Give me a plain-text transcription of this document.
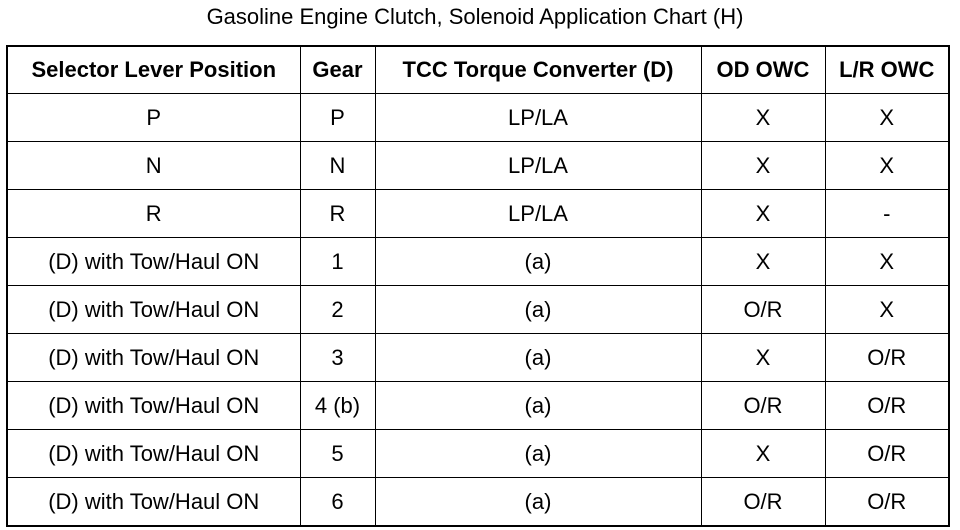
Gasoline Engine Clutch, Solenoid Application Chart (H)
Selector Lever Position	Gear	TCC Torque Converter (D)	OD OWC	L/R OWC
P	P	LP/LA	X	X
N	N	LP/LA	X	X
R	R	LP/LA	X	-
(D) with Tow/Haul ON	1	(a)	X	X
(D) with Tow/Haul ON	2	(a)	O/R	X
(D) with Tow/Haul ON	3	(a)	X	O/R
(D) with Tow/Haul ON	4 (b)	(a)	O/R	O/R
(D) with Tow/Haul ON	5	(a)	X	O/R
(D) with Tow/Haul ON	6	(a)	O/R	O/R
